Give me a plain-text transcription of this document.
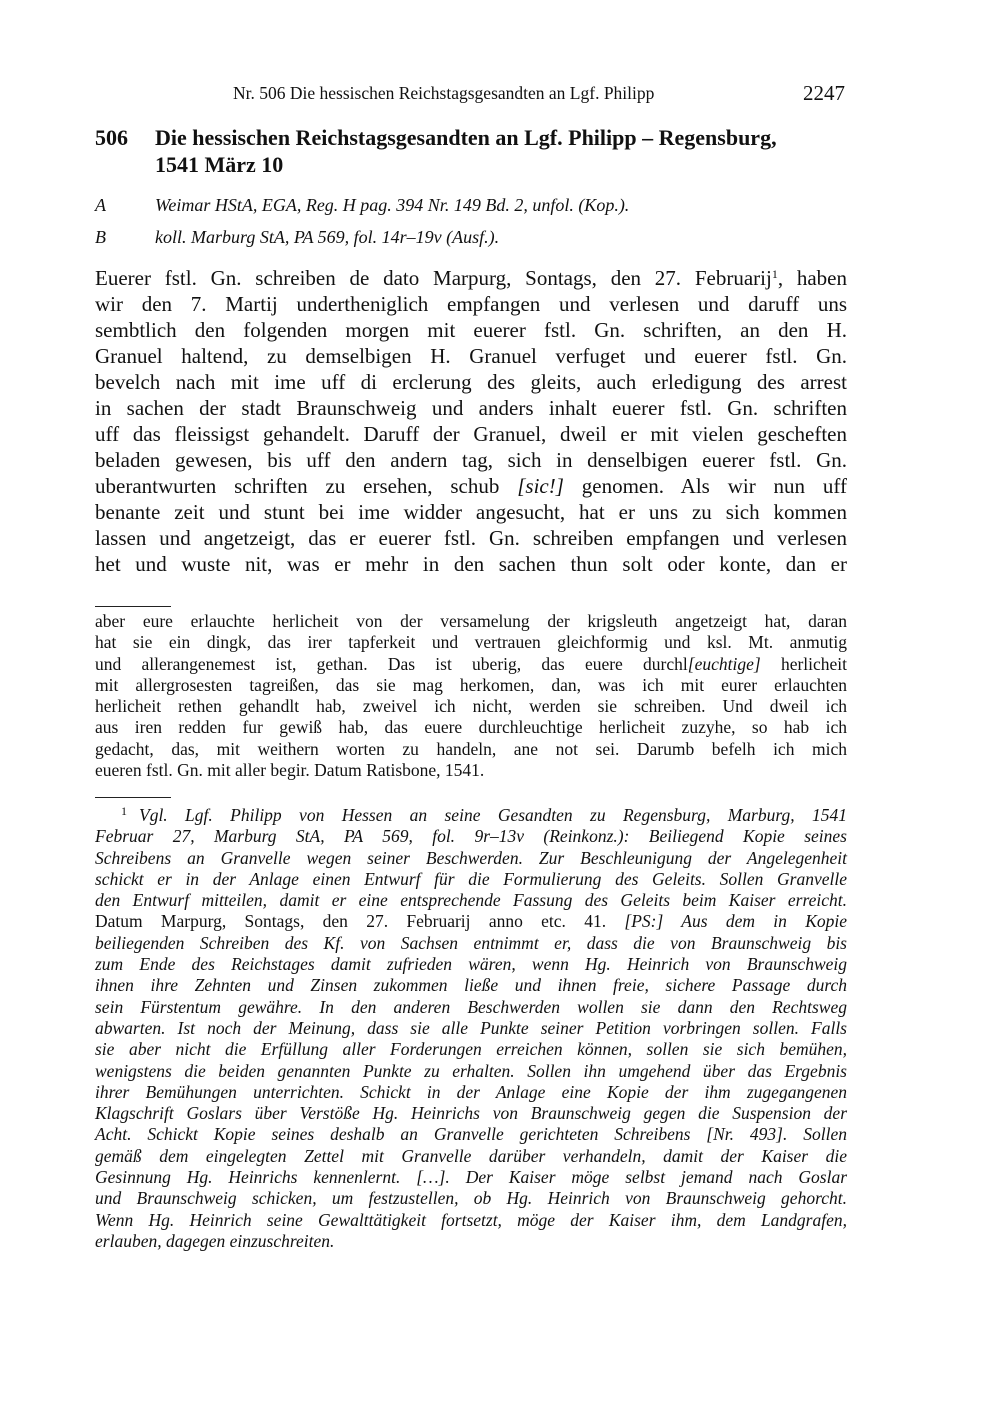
Nr. 506 Die hessischen Reichstagsgesandten an Lgf. Philipp	2247
506 Die hessischen Reichstagsgesandten an Lgf. Philipp – Regensburg,
1541 März 10
A	Weimar HStA, EGA, Reg. H pag. 394 Nr. 149 Bd. 2, unfol. (Kop.).
B	koll. Marburg StA, PA 569, fol. 14r–19v (Ausf.).
Euerer fstl. Gn. schreiben de dato Marpurg, Sontags, den 27. Februarij$^1$, haben
wir den 7. Martij undertheniglich empfangen und verlesen und daruff uns
sembtlich den folgenden morgen mit euerer fstl. Gn. schriften, an den H.
Granuel haltend, zu demselbigen H. Granuel verfuget und euerer fstl. Gn.
bevelch nach mit ime uff di erclerung des gleits, auch erledigung des arrest
in sachen der stadt Braunschweig und anders inhalt euerer fstl. Gn. schriften
uff das fleissigst gehandelt. Daruff der Granuel, dweil er mit vielen gescheften
beladen gewesen, bis uff den andern tag, sich in denselbigen euerer fstl. Gn.
uberantwurten schriften zu ersehen, schub [sic!] genomen. Als wir nun uff
benante zeit und stunt bei ime widder angesucht, hat er uns zu sich kommen
lassen und angetzeigt, das er euerer fstl. Gn. schreiben empfangen und verlesen
het und wuste nit, was er mehr in den sachen thun solt oder konte, dan er
aber eure erlauchte herlicheit von der versamelung der krigsleuth angetzeigt hat, daran
hat sie ein dingk, das irer tapferkeit und vertrauen gleichformig und ksl. Mt. anmutig
und allerangenemest ist, gethan. Das ist uberig, das euere durchl[euchtige] herlicheit
mit allergrosesten tagreißen, das sie mag herkomen, dan, was ich mit eurer erlauchten
herlicheit rethen gehandlt hab, zweivel ich nicht, werden sie schreiben. Und dweil ich
aus iren redden fur gewiß hab, das euere durchleuchtige herlicheit zuzyhe, so hab ich
gedacht, das, mit weithern worten zu handeln, ane not sei. Darumb befelh ich mich
eueren fstl. Gn. mit aller begir. Datum Ratisbone, 1541.
$^1$ Vgl. Lgf. Philipp von Hessen an seine Gesandten zu Regensburg, Marburg, 1541
Februar 27, Marburg StA, PA 569, fol. 9r–13v (Reinkonz.): Beiliegend Kopie seines
Schreibens an Granvelle wegen seiner Beschwerden. Zur Beschleunigung der Angelegenheit
schickt er in der Anlage einen Entwurf für die Formulierung des Geleits. Sollen Granvelle
den Entwurf mitteilen, damit er eine entsprechende Fassung des Geleits beim Kaiser erreicht.
Datum Marpurg, Sontags, den 27. Februarij anno etc. 41. [PS:] Aus dem in Kopie
beiliegenden Schreiben des Kf. von Sachsen entnimmt er, dass die von Braunschweig bis
zum Ende des Reichstages damit zufrieden wären, wenn Hg. Heinrich von Braunschweig
ihnen ihre Zehnten und Zinsen zukommen ließe und ihnen freie, sichere Passage durch
sein Fürstentum gewähre. In den anderen Beschwerden wollen sie dann den Rechtsweg
abwarten. Ist noch der Meinung, dass sie alle Punkte seiner Petition vorbringen sollen. Falls
sie aber nicht die Erfüllung aller Forderungen erreichen können, sollen sie sich bemühen,
wenigstens die beiden genannten Punkte zu erhalten. Sollen ihn umgehend über das Ergebnis
ihrer Bemühungen unterrichten. Schickt in der Anlage eine Kopie der ihm zugegangenen
Klagschrift Goslars über Verstöße Hg. Heinrichs von Braunschweig gegen die Suspension der
Acht. Schickt Kopie seines deshalb an Granvelle gerichteten Schreibens [Nr. 493]. Sollen
gemäß dem eingelegten Zettel mit Granvelle darüber verhandeln, damit der Kaiser die
Gesinnung Hg. Heinrichs kennenlernt. […]. Der Kaiser möge selbst jemand nach Goslar
und Braunschweig schicken, um festzustellen, ob Hg. Heinrich von Braunschweig gehorcht.
Wenn Hg. Heinrich seine Gewalttätigkeit fortsetzt, möge der Kaiser ihm, dem Landgrafen,
erlauben, dagegen einzuschreiten.
